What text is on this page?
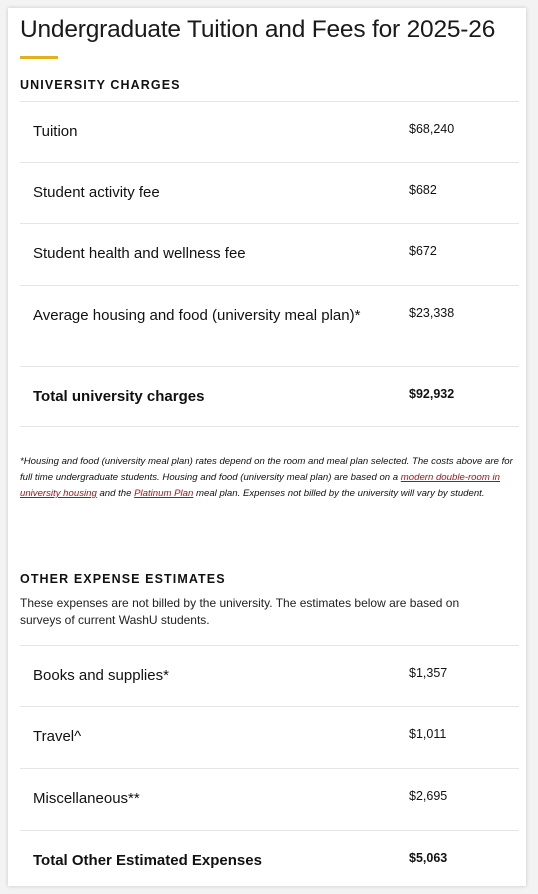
Undergraduate Tuition and Fees for 2025-26
UNIVERSITY CHARGES
Tuition	$68,240
Student activity fee	$682
Student health and wellness fee	$672
Average housing and food (university meal plan)*	$23,338
Total university charges	$92,932
*Housing and food (university meal plan) rates depend on the room and meal plan selected. The costs above are for full time undergraduate students. Housing and food (university meal plan) are based on a modern double-room in university housing and the Platinum Plan meal plan. Expenses not billed by the university will vary by student.
OTHER EXPENSE ESTIMATES
These expenses are not billed by the university. The estimates below are based on surveys of current WashU students.
Books and supplies*	$1,357
Travel^	$1,011
Miscellaneous**	$2,695
Total Other Estimated Expenses	$5,063
